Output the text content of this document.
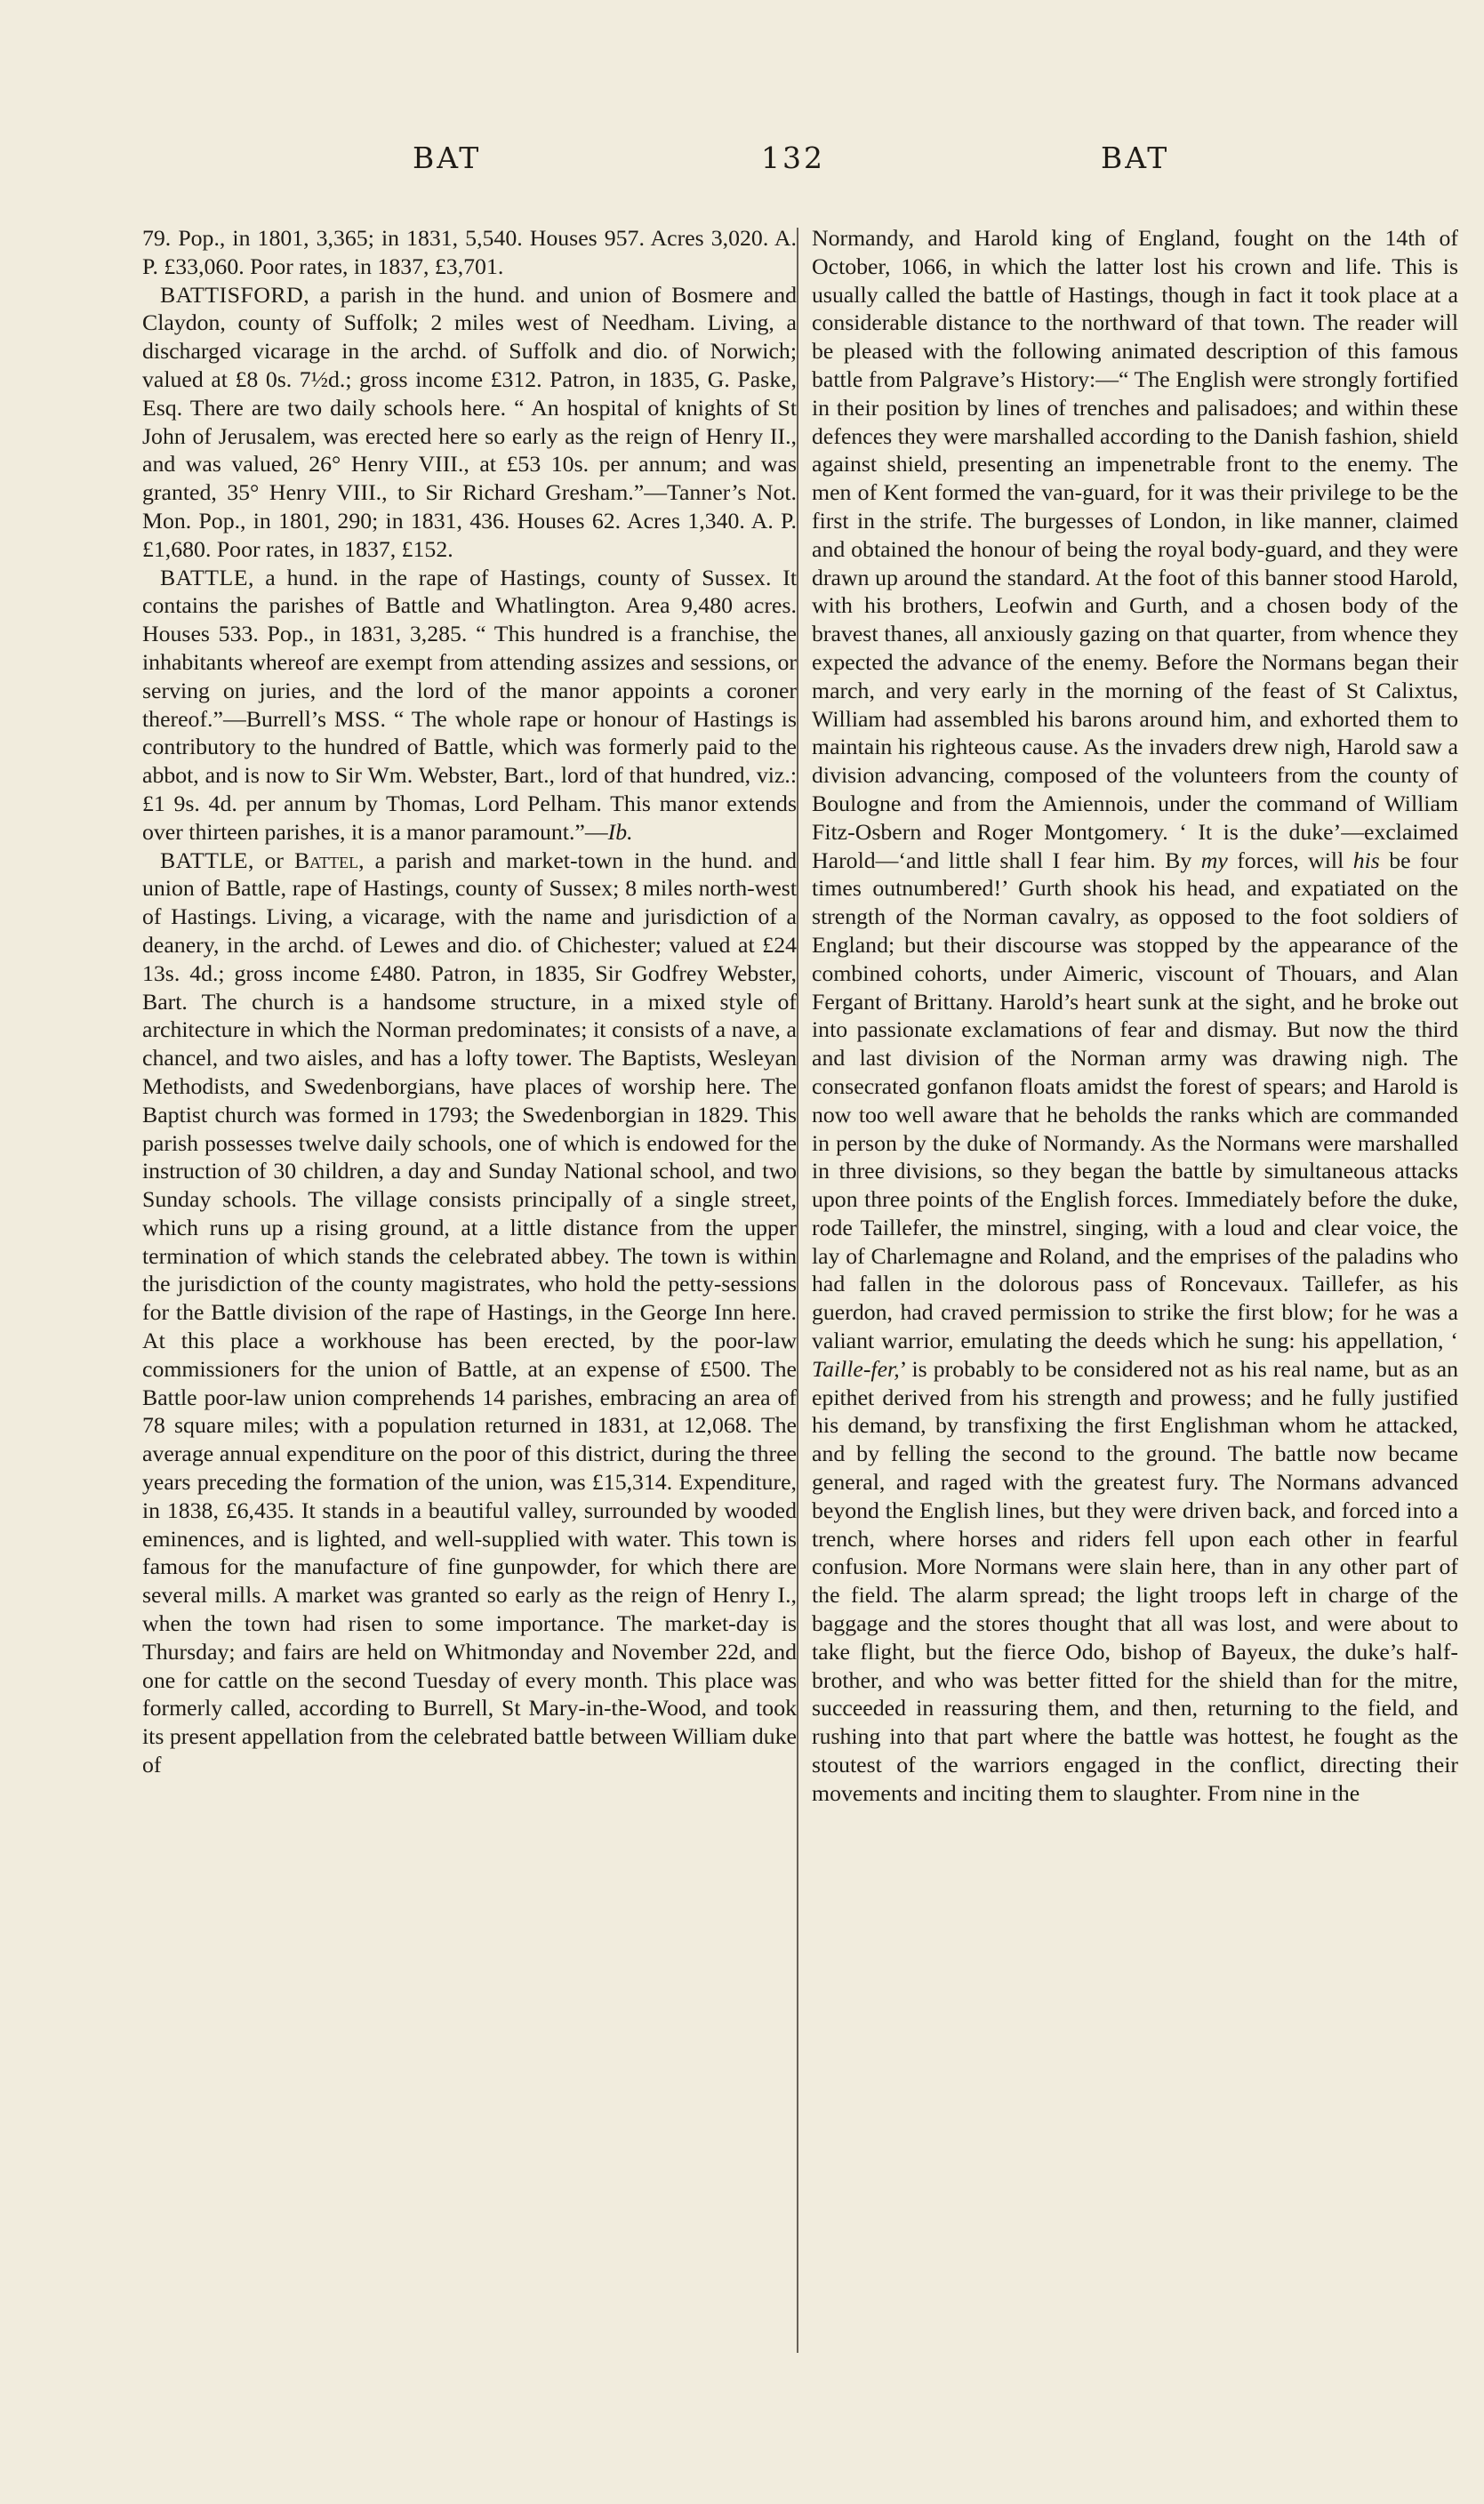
BAT	132	BAT

79. Pop., in 1801, 3,365; in 1831, 5,540. Houses 957. Acres 3,020. A. P. £33,060. Poor rates, in 1837, £3,701.

BATTISFORD, a parish in the hund. and union of Bosmere and Claydon, county of Suffolk; 2 miles west of Needham. Living, a discharged vicarage in the archd. of Suffolk and dio. of Norwich; valued at £8 0s. 7½d.; gross income £312. Patron, in 1835, G. Paske, Esq. There are two daily schools here. “ An hospital of knights of St John of Jerusalem, was erected here so early as the reign of Henry II., and was valued, 26° Henry VIII., at £53 10s. per annum; and was granted, 35° Henry VIII., to Sir Richard Gresham.”—Tanner’s Not. Mon. Pop., in 1801, 290; in 1831, 436. Houses 62. Acres 1,340. A. P. £1,680. Poor rates, in 1837, £152.

BATTLE, a hund. in the rape of Hastings, county of Sussex. It contains the parishes of Battle and Whatlington. Area 9,480 acres. Houses 533. Pop., in 1831, 3,285. “ This hundred is a franchise, the inhabitants whereof are exempt from attending assizes and sessions, or serving on juries, and the lord of the manor appoints a coroner thereof.”—Burrell’s MSS. “ The whole rape or honour of Hastings is contributory to the hundred of Battle, which was formerly paid to the abbot, and is now to Sir Wm. Webster, Bart., lord of that hundred, viz.: £1 9s. 4d. per annum by Thomas, Lord Pelham. This manor extends over thirteen parishes, it is a manor paramount.”—Ib.

BATTLE, or Battel, a parish and market-town in the hund. and union of Battle, rape of Hastings, county of Sussex; 8 miles north-west of Hastings. Living, a vicarage, with the name and jurisdiction of a deanery, in the archd. of Lewes and dio. of Chichester; valued at £24 13s. 4d.; gross income £480. Patron, in 1835, Sir Godfrey Webster, Bart. The church is a handsome structure, in a mixed style of architecture in which the Norman predominates; it consists of a nave, a chancel, and two aisles, and has a lofty tower. The Baptists, Wesleyan Methodists, and Swedenborgians, have places of worship here. The Baptist church was formed in 1793; the Swedenborgian in 1829. This parish possesses twelve daily schools, one of which is endowed for the instruction of 30 children, a day and Sunday National school, and two Sunday schools. The village consists principally of a single street, which runs up a rising ground, at a little distance from the upper termination of which stands the celebrated abbey. The town is within the jurisdiction of the county magistrates, who hold the petty-sessions for the Battle division of the rape of Hastings, in the George Inn here. At this place a workhouse has been erected, by the poor-law commissioners for the union of Battle, at an expense of £500. The Battle poor-law union comprehends 14 parishes, embracing an area of 78 square miles; with a population returned in 1831, at 12,068. The average annual expenditure on the poor of this district, during the three years preceding the formation of the union, was £15,314. Expenditure, in 1838, £6,435. It stands in a beautiful valley, surrounded by wooded eminences, and is lighted, and well-supplied with water. This town is famous for the manufacture of fine gunpowder, for which there are several mills. A market was granted so early as the reign of Henry I., when the town had risen to some importance. The market-day is Thursday; and fairs are held on Whitmonday and November 22d, and one for cattle on the second Tuesday of every month. This place was formerly called, according to Burrell, St Mary-in-the-Wood, and took its present appellation from the celebrated battle between William duke of

Normandy, and Harold king of England, fought on the 14th of October, 1066, in which the latter lost his crown and life. This is usually called the battle of Hastings, though in fact it took place at a considerable distance to the northward of that town. The reader will be pleased with the following animated description of this famous battle from Palgrave’s History:—“ The English were strongly fortified in their position by lines of trenches and palisadoes; and within these defences they were marshalled according to the Danish fashion, shield against shield, presenting an impenetrable front to the enemy. The men of Kent formed the van-guard, for it was their privilege to be the first in the strife. The burgesses of London, in like manner, claimed and obtained the honour of being the royal body-guard, and they were drawn up around the standard. At the foot of this banner stood Harold, with his brothers, Leofwin and Gurth, and a chosen body of the bravest thanes, all anxiously gazing on that quarter, from whence they expected the advance of the enemy. Before the Normans began their march, and very early in the morning of the feast of St Calixtus, William had assembled his barons around him, and exhorted them to maintain his righteous cause. As the invaders drew nigh, Harold saw a division advancing, composed of the volunteers from the county of Boulogne and from the Amiennois, under the command of William Fitz-Osbern and Roger Montgomery. ‘ It is the duke’—exclaimed Harold—‘and little shall I fear him. By my forces, will his be four times outnumbered!’ Gurth shook his head, and expatiated on the strength of the Norman cavalry, as opposed to the foot soldiers of England; but their discourse was stopped by the appearance of the combined cohorts, under Aimeric, viscount of Thouars, and Alan Fergant of Brittany. Harold’s heart sunk at the sight, and he broke out into passionate exclamations of fear and dismay. But now the third and last division of the Norman army was drawing nigh. The consecrated gonfanon floats amidst the forest of spears; and Harold is now too well aware that he beholds the ranks which are commanded in person by the duke of Normandy. As the Normans were marshalled in three divisions, so they began the battle by simultaneous attacks upon three points of the English forces. Immediately before the duke, rode Taillefer, the minstrel, singing, with a loud and clear voice, the lay of Charlemagne and Roland, and the emprises of the paladins who had fallen in the dolorous pass of Roncevaux. Taillefer, as his guerdon, had craved permission to strike the first blow; for he was a valiant warrior, emulating the deeds which he sung: his appellation, ‘ Taille-fer,’ is probably to be considered not as his real name, but as an epithet derived from his strength and prowess; and he fully justified his demand, by transfixing the first Englishman whom he attacked, and by felling the second to the ground. The battle now became general, and raged with the greatest fury. The Normans advanced beyond the English lines, but they were driven back, and forced into a trench, where horses and riders fell upon each other in fearful confusion. More Normans were slain here, than in any other part of the field. The alarm spread; the light troops left in charge of the baggage and the stores thought that all was lost, and were about to take flight, but the fierce Odo, bishop of Bayeux, the duke’s half-brother, and who was better fitted for the shield than for the mitre, succeeded in reassuring them, and then, returning to the field, and rushing into that part where the battle was hottest, he fought as the stoutest of the warriors engaged in the conflict, directing their movements and inciting them to slaughter. From nine in the
